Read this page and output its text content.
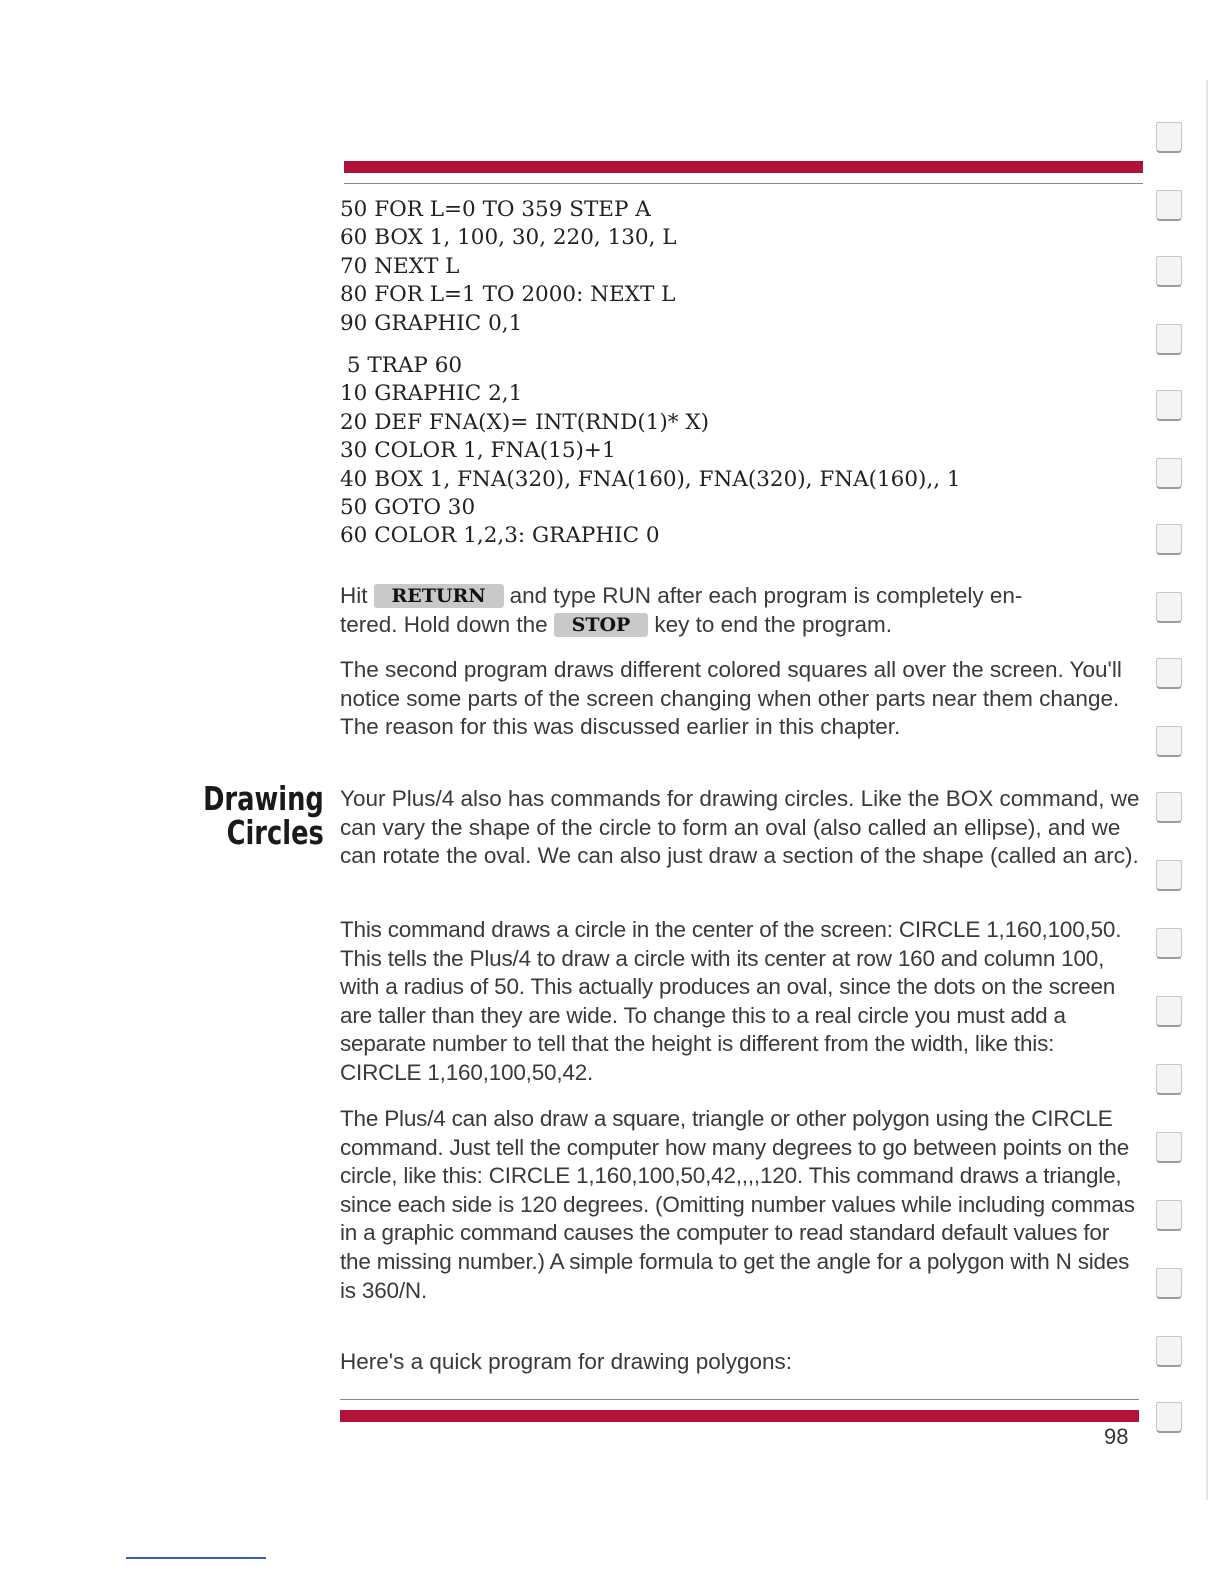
50 FOR L=0 TO 359 STEP A
60 BOX 1, 100, 30, 220, 130, L
70 NEXT L
80 FOR L=1 TO 2000: NEXT L
90 GRAPHIC 0,1
5 TRAP 60
10 GRAPHIC 2,1
20 DEF FNA(X)= INT(RND(1)* X)
30 COLOR 1, FNA(15)+1
40 BOX 1, FNA(320), FNA(160), FNA(320), FNA(160),, 1
50 GOTO 30
60 COLOR 1,2,3: GRAPHIC 0

Hit RETURN and type RUN after each program is completely en-
tered. Hold down the STOP key to end the program.

The second program draws different colored squares all over the screen. You'll notice some parts of the screen changing when other parts near them change. The reason for this was discussed earlier in this chapter.

Drawing
Circles

Your Plus/4 also has commands for drawing circles. Like the BOX command, we can vary the shape of the circle to form an oval (also called an ellipse), and we can rotate the oval. We can also just draw a section of the shape (called an arc).

This command draws a circle in the center of the screen: CIRCLE 1,160,100,50. This tells the Plus/4 to draw a circle with its center at row 160 and column 100, with a radius of 50. This actually produces an oval, since the dots on the screen are taller than they are wide. To change this to a real circle you must add a separate number to tell that the height is different from the width, like this: CIRCLE 1,160,100,50,42.

The Plus/4 can also draw a square, triangle or other polygon using the CIRCLE command. Just tell the computer how many degrees to go between points on the circle, like this: CIRCLE 1,160,100,50,42,,,,120. This command draws a triangle, since each side is 120 degrees. (Omitting number values while including commas in a graphic command causes the computer to read standard default values for the missing number.) A simple formula to get the angle for a polygon with N sides is 360/N.

Here's a quick program for drawing polygons:

98
